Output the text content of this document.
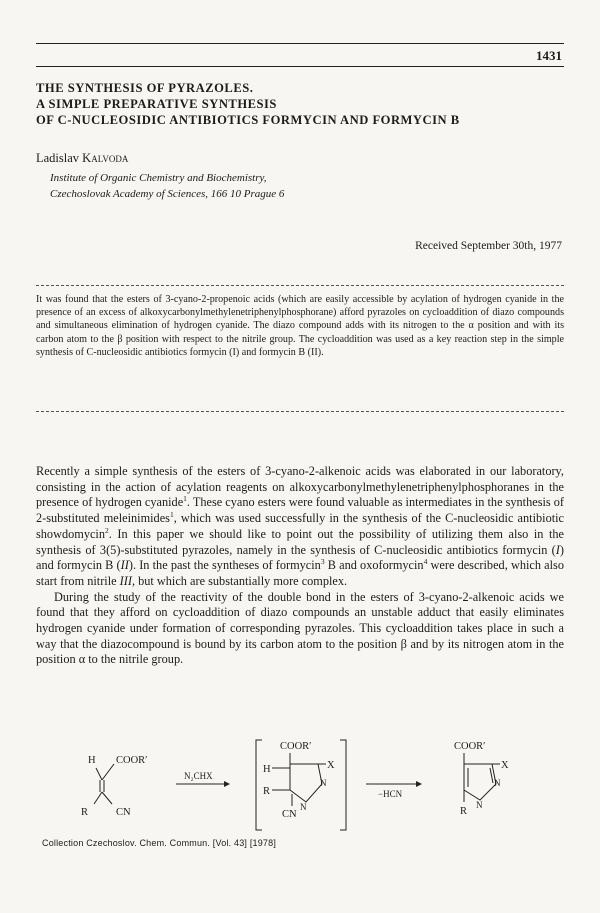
1431
THE SYNTHESIS OF PYRAZOLES.
A SIMPLE PREPARATIVE SYNTHESIS
OF C-NUCLEOSIDIC ANTIBIOTICS FORMYCIN AND FORMYCIN B
Ladislav Kalvoda
Institute of Organic Chemistry and Biochemistry,
Czechoslovak Academy of Sciences, 166 10 Prague 6
Received September 30th, 1977
It was found that the esters of 3-cyano-2-propenoic acids (which are easily accessible by acylation of hydrogen cyanide in the presence of an excess of alkoxycarbonylmethylenetriphenylphosphorane) afford pyrazoles on cycloaddition of diazo compounds and simultaneous elimination of hydrogen cyanide. The diazo compound adds with its nitrogen to the α position and with its carbon atom to the β position with respect to the nitrile group. The cycloaddition was used as a key reaction step in the simple synthesis of C-nucleosidic antibiotics formycin (I) and formycin B (II).

Recently a simple synthesis of the esters of 3-cyano-2-alkenoic acids was elaborated in our laboratory, consisting in the action of acylation reagents on alkoxycarbonylmethylenetriphenylphosphoranes in the presence of hydrogen cyanide$^1$. These cyano esters were found valuable as intermediates in the synthesis of 2-substituted meleinimides$^1$, which was used successfully in the synthesis of the C-nucleosidic antibiotic showdomycin$^2$. In this paper we should like to point out the possibility of utilizing them also in the synthesis of 3(5)-substituted pyrazoles, namely in the synthesis of C-nucleosidic antibiotics formycin (I) and formycin B (II). In the past the syntheses of formycin$^3$ B and oxoformycin$^4$ were described, which also start from nitrile III, but which are substantially more complex.

During the study of the reactivity of the double bond in the esters of 3-cyano-2-alkenoic acids we found that they afford on cycloaddition of diazo compounds an unstable adduct that easily eliminates hydrogen cyanide under formation of corresponding pyrazoles. This cycloaddition takes place in such a way that the diazocompound is bound by its carbon atom to the position β and by its nitrogen atom in the position α to the nitrile group.

H COOR′
R	CN
N₂CHX
COOR′
H
R
X
N
N
CN
−HCN
COOR′
X
N
N
R
Collection Czechoslov. Chem. Commun. [Vol. 43] [1978]
